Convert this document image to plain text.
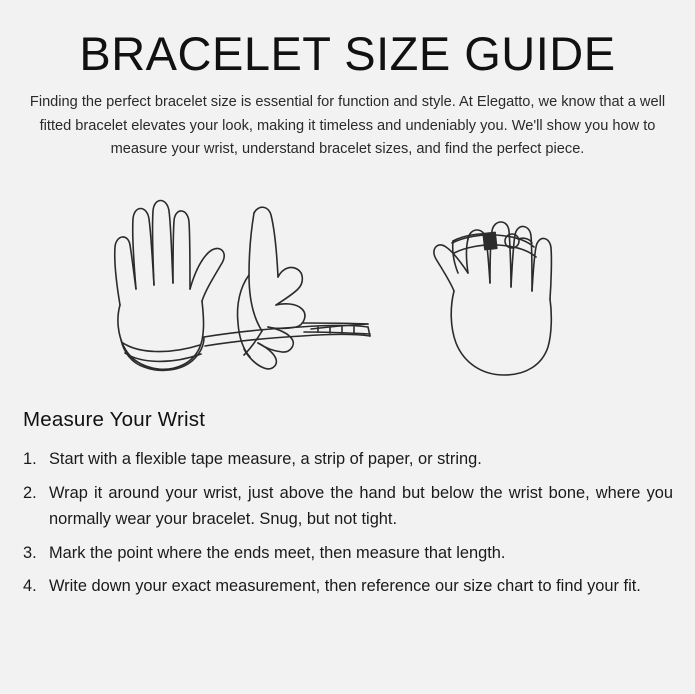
BRACELET SIZE GUIDE

Finding the perfect bracelet size is essential for function and style. At Elegatto, we know that a well fitted bracelet elevates your look, making it timeless and undeniably you. We'll show you how to measure your wrist, understand bracelet sizes, and find the perfect piece.

Measure Your Wrist
1. Start with a flexible tape measure, a strip of paper, or string.
2. Wrap it around your wrist, just above the hand but below the wrist bone, where you normally wear your bracelet. Snug, but not tight.
3. Mark the point where the ends meet, then measure that length.
4. Write down your exact measurement, then reference our size chart to find your fit.
